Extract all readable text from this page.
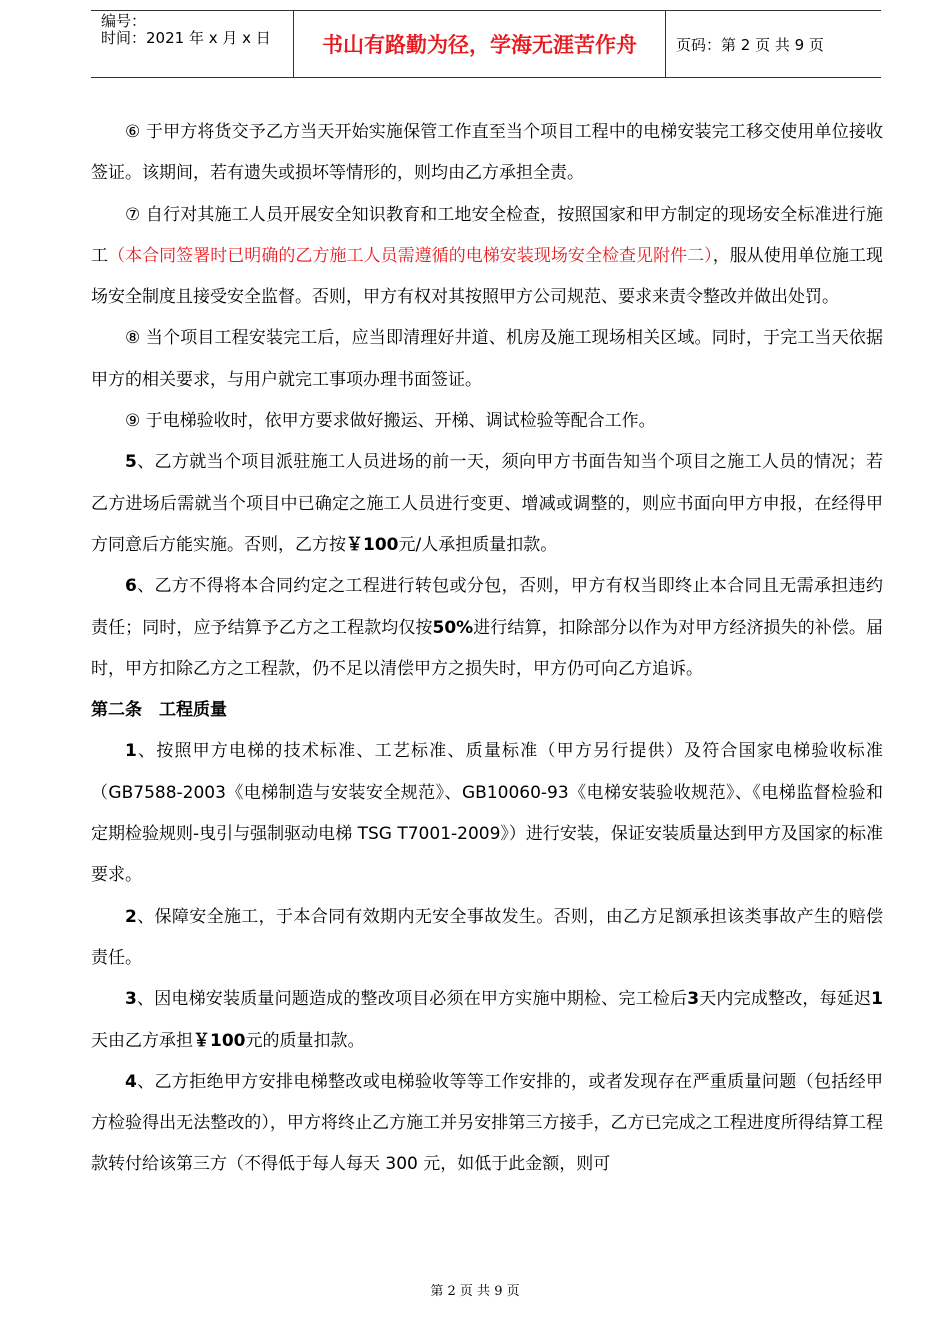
编号：
时间：2021 年 x 月 x 日	书山有路勤为径，学海无涯苦作舟	页码：第 2 页 共 9 页

⑥ 于甲方将货交予乙方当天开始实施保管工作直至当个项目工程中的电梯安装完工移交使用单位接收签证。该期间，若有遗失或损坏等情形的，则均由乙方承担全责。

⑦ 自行对其施工人员开展安全知识教育和工地安全检查，按照国家和甲方制定的现场安全标准进行施工（本合同签署时已明确的乙方施工人员需遵循的电梯安装现场安全检查见附件二），服从使用单位施工现场安全制度且接受安全监督。否则，甲方有权对其按照甲方公司规范、要求来责令整改并做出处罚。

⑧ 当个项目工程安装完工后，应当即清理好井道、机房及施工现场相关区域。同时，于完工当天依据甲方的相关要求，与用户就完工事项办理书面签证。

⑨ 于电梯验收时，依甲方要求做好搬运、开梯、调试检验等配合工作。

5、乙方就当个项目派驻施工人员进场的前一天，须向甲方书面告知当个项目之施工人员的情况；若乙方进场后需就当个项目中已确定之施工人员进行变更、增减或调整的，则应书面向甲方申报，在经得甲方同意后方能实施。否则，乙方按￥100元/人承担质量扣款。

6、乙方不得将本合同约定之工程进行转包或分包，否则，甲方有权当即终止本合同且无需承担违约责任；同时，应予结算予乙方之工程款均仅按50%进行结算，扣除部分以作为对甲方经济损失的补偿。届时，甲方扣除乙方之工程款，仍不足以清偿甲方之损失时，甲方仍可向乙方追诉。

第二条　工程质量

1、按照甲方电梯的技术标准、工艺标准、质量标准（甲方另行提供）及符合国家电梯验收标准（GB7588-2003《电梯制造与安装安全规范》、GB10060-93《电梯安装验收规范》、《电梯监督检验和定期检验规则-曳引与强制驱动电梯 TSG T7001-2009》）进行安装，保证安装质量达到甲方及国家的标准要求。

2、保障安全施工，于本合同有效期内无安全事故发生。否则，由乙方足额承担该类事故产生的赔偿责任。

3、因电梯安装质量问题造成的整改项目必须在甲方实施中期检、完工检后3天内完成整改，每延迟1天由乙方承担￥100元的质量扣款。

4、乙方拒绝甲方安排电梯整改或电梯验收等等工作安排的，或者发现存在严重质量问题（包括经甲方检验得出无法整改的），甲方将终止乙方施工并另安排第三方接手，乙方已完成之工程进度所得结算工程款转付给该第三方（不得低于每人每天 300 元，如低于此金额，则可

第 2 页 共 9 页
